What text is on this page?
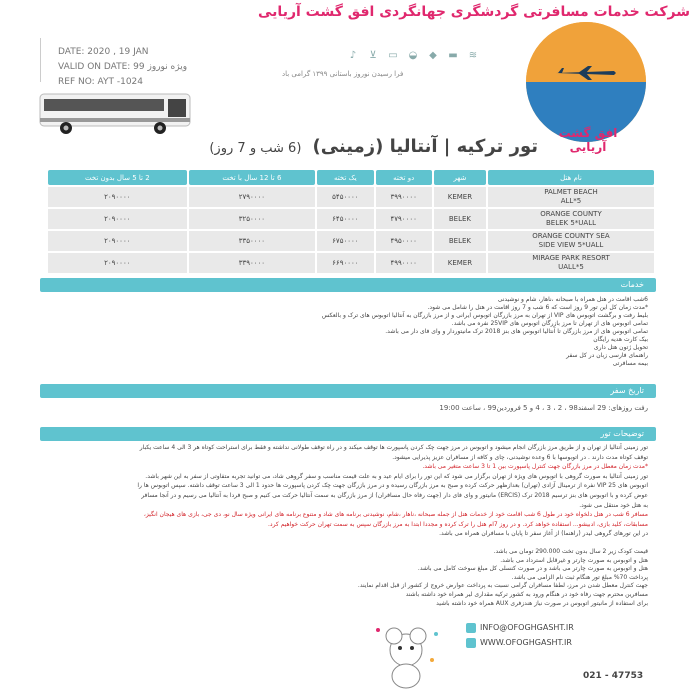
شرکت خدمات مسافرتی گردشگری جهانگردی افق گشت آریایی
افق گشت آریایی
DATE: 2020 , 19 JAN
VALID ON DATE: 99 ویژه نوروز
REF NO: AYT -1024
♪	⊻	▭ ◒	◆	▬ ≋
فرا رسیدن نوروز باستانی ۱۳۹۹ گرامی باد
تور ترکیه | آنتالیا (زمینی) (6 شب و 7 روز)
نام هتل	شهر	دو تخته	یک تخته	6 تا 12 سال با تخت	2 تا 5 سال بدون تخت
PALMET BEACH
5*ALL	KEMER	۳۹۹۰۰۰۰	۵۴۵۰۰۰۰	۲۷۹۰۰۰۰	۲۰۹۰۰۰۰
ORANGE COUNTY
BELEK 5*UALL	BELEK	۴۷۹۰۰۰۰	۶۴۵۰۰۰۰	۳۲۵۰۰۰۰	۲۰۹۰۰۰۰
ORANGE COUNTY SEA
SIDE VIEW 5*UALL	BELEK	۴۹۵۰۰۰۰	۶۷۵۰۰۰۰	۳۳۵۰۰۰۰	۲۰۹۰۰۰۰
MIRAGE PARK RESORT
5*UALL	KEMER	۴۹۹۰۰۰۰	۶۶۹۰۰۰۰	۳۳۹۰۰۰۰	۲۰۹۰۰۰۰
خدمات
6شب اقامت در هتل همراه با صبحانه ،ناهار، شام و نوشیدنی
*مدت زمان کل این تور 9 روز است که 6 شب و 7 روز اقامت در هتل را شامل می شود.
بلیط رفت و برگشت اتوبوس های VIP از تهران به مرز بازرگان اتوبوس ایرانی و از مرز بازرگان به آنتالیا اتوبوس های ترک و بالعکس
تمامی اتوبوس های از تهران تا مرز بازرگان اتوبوس های 25VIP نفره می باشد.
تمامی اتوبوس های از مرز بازرگان تا آنتالیا اتوبوس های بنز 2018 ترک مانیتوردار و وای فای دار می باشد.
بیک کارت هدیه رایگان
تحویل ژتون هتل داری
راهنمای فارسی زبان در کل سفر
بیمه مسافرتی
تاریخ سفر
رفت روزهای: 29 اسفند98 ، 2 ، 3 ، 4 و 5 فروردین99 ، ساعت 19:00
توضیحات تور

تور زمینی آنتالیا از تهران و از طریق مرز بازرگان انجام میشود و اتوبوس در مرز جهت چک کردن پاسپورت ها توقف میکند و در راه توقف طولانی نداشته و فقط برای استراحت کوتاه هر 3 الی 4 ساعت یکبار

توقف کوتاه مدت دارند . در اتوبوسها با 6 وعده نوشیدنی، چای و کافه از مسافران عزیز پذیرایی میشود.

*مدت زمان معطل در مرز بازرگان جهت کنترل پاسپورت بین 1 تا 3 ساعت متغیر می باشد.

تور زمینی آنتالیا به صورت گروهی با اتوبوس های ویژه از تهران برگزار می شود که این تور را برای ایام عید و به علت قیمت مناسب و سفر گروهی شاد، می توانید تجربه متفاوتی از سفر به این شهر باشد.

اتوبوس های VIP 25 نفره از ترمینال آزادی (تهران) بعدازظهر حرکت کرده و صبح به مرز بازرگان رسیده و در مرز بازرگان جهت چک کردن پاسپورت ها حدود 1 الی 3 ساعت توقف داشته. سپس اتوبوس ها را

عوض کرده و با اتوبوس های بنز ترسیم 2018 ترک (ERCIS) مانیتور و وای فای دار (جهت رفاه حال مسافران) از مرز بازرگان به سمت آنتالیا حرکت می کنیم و صبح فردا به آنتالیا می رسیم و در آنجا مسافر

به هتل خود منتقل می شود.

مسافر 6 شب در هتل دلخواه خود در طول 6 شب اقامت خود از خدمات هتل از جمله صبحانه ،ناهار ،شام، نوشیدنی برنامه های شاد و متنوع برنامه های ایرانی ویژه سال نو، دی جی، بازی های هیجان انگیز،

مسابقات، کلید بازی، ادبیشو... استفاده خواهد کرد. و در روز 7ام هتل را ترک کرده و مجددا ابتدا به مرز بازرگان سپس به سمت تهران حرکت خواهیم کرد.

در این تورهای گروهی لیدر (راهنما) از آغاز سفر تا پایان با مسافران همراه می باشد.

قیمت کودک زیر 2 سال بدون تخت 290.000 تومان می باشد.

هتل و اتوبوس به صورت چارتر و غیرقابل استرداد می باشد.

هتل و اتوبوس به صورت چارتر می باشد و در صورت کنسلی کل مبلغ سوخت کامل می باشد.

پرداخت 70% مبلغ تور هنگام ثبت نام الزامی می باشد.

جهت کنترل معطل شدن در مرز، لطفا مسافران گرامی نسبت به پرداخت عوارض خروج از کشور از قبل اقدام نمایند.

مسافرین محترم جهت رفاه خود در هنگام ورود به کشور ترکیه مقداری لیر همراه خود داشته باشند

برای استفاده از مانیتور اتوبوس در صورت نیاز هندزفری AUX همراه خود داشته باشید

INFO@OFOGHGASHT.IR
WWW.OFOGHGASHT.IR
021 - 47753
